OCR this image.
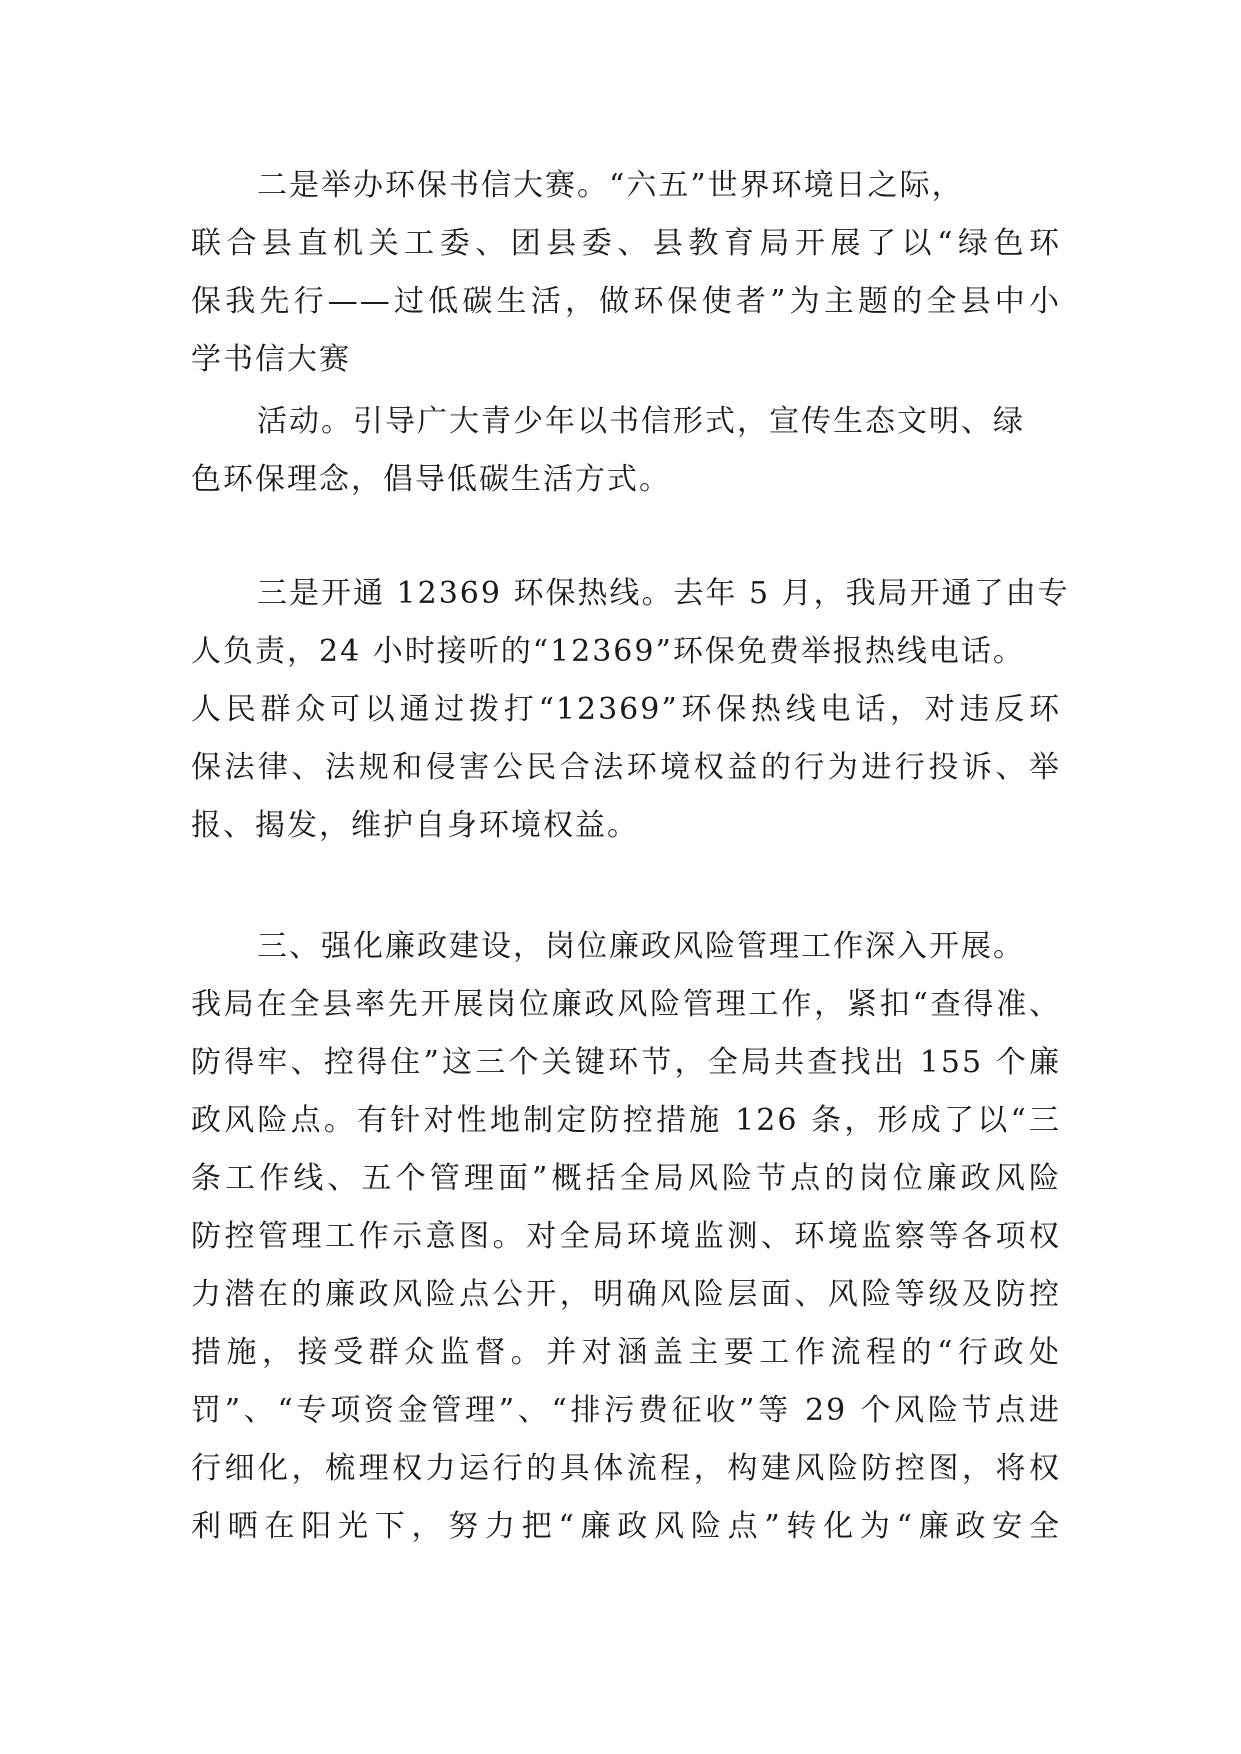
二是举办环保书信大赛。“六五”世界环境日之际，
联合县直机关工委、团县委、县教育局开展了以“绿色环
保我先行——过低碳生活，做环保使者”为主题的全县中小
学书信大赛
活动。引导广大青少年以书信形式，宣传生态文明、绿
色环保理念，倡导低碳生活方式。
三是开通 12369 环保热线。去年 5 月，我局开通了由专
人负责，24 小时接听的“12369”环保免费举报热线电话。
人民群众可以通过拨打“12369”环保热线电话，对违反环
保法律、法规和侵害公民合法环境权益的行为进行投诉、举
报、揭发，维护自身环境权益。
三、强化廉政建设，岗位廉政风险管理工作深入开展。
我局在全县率先开展岗位廉政风险管理工作，紧扣“查得准、
防得牢、控得住”这三个关键环节，全局共查找出 155 个廉
政风险点。有针对性地制定防控措施 126 条，形成了以“三
条工作线、五个管理面”概括全局风险节点的岗位廉政风险
防控管理工作示意图。对全局环境监测、环境监察等各项权
力潜在的廉政风险点公开，明确风险层面、风险等级及防控
措施，接受群众监督。并对涵盖主要工作流程的“行政处
罚”、“专项资金管理”、“排污费征收”等 29 个风险节点进
行细化，梳理权力运行的具体流程，构建风险防控图，将权
利晒在阳光下，努力把“廉政风险点”转化为“廉政安全
